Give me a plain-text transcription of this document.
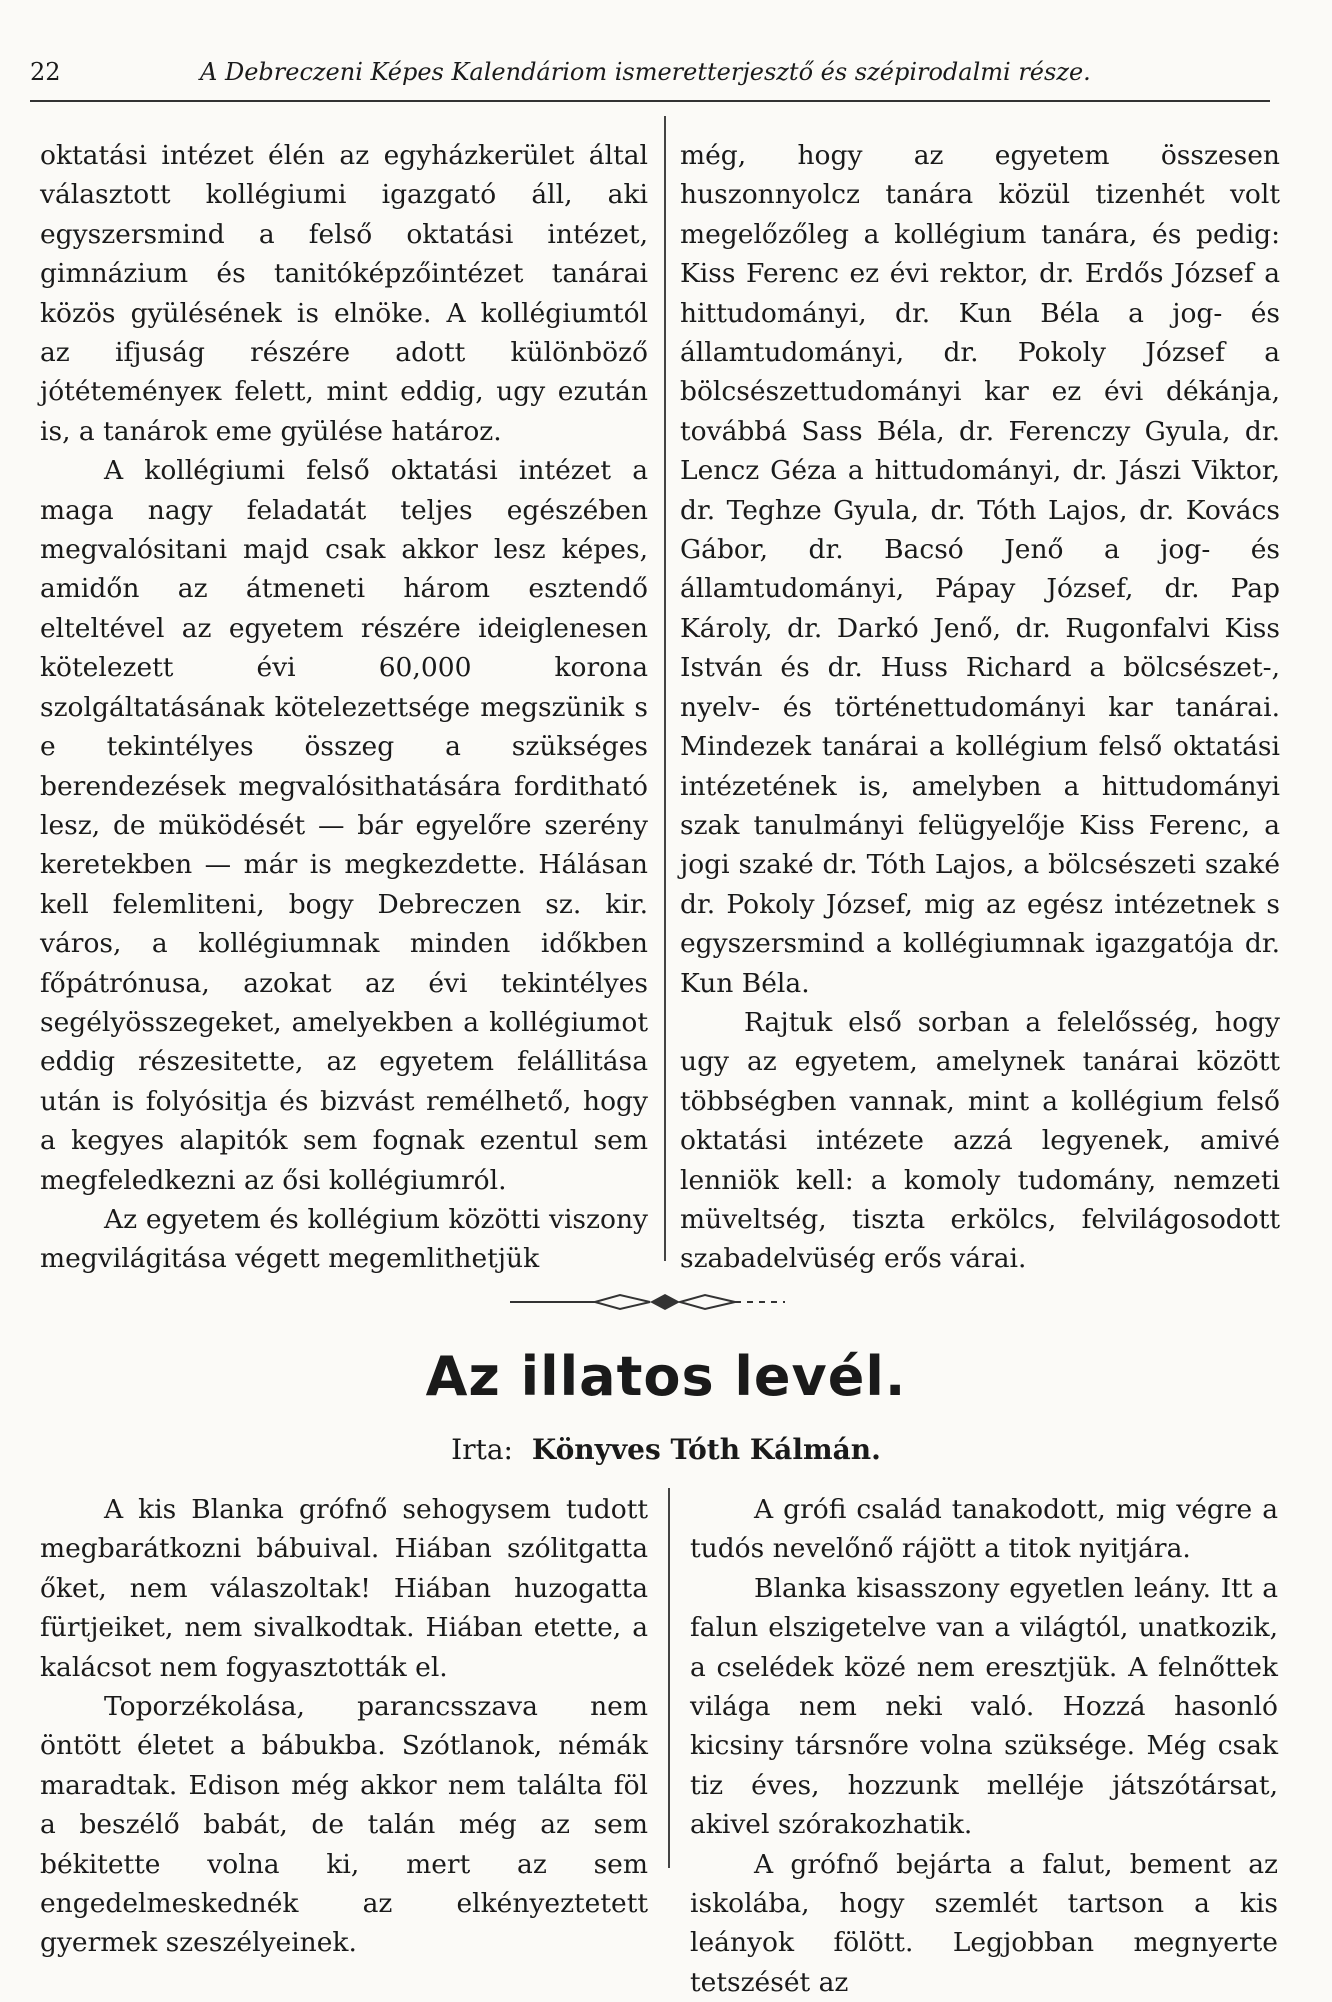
22	A Debreczeni Képes Kalendáriom ismeretterjesztő és szépirodalmi része.

oktatási intézet élén az egyházkerület által választott kollégiumi igazgató áll, aki egyszersmind a felső oktatási intézet, gimnázium és tanitóképzőintézet tanárai közös gyülésének is elnöke. A kollégiumtól az ifjuság részére adott különböző jótéteményeк felett, mint eddig, ugy ezután is, a tanárok eme gyülése határoz.

A kollégiumi felső oktatási intézet a maga nagy feladatát teljes egészében megvalósitani majd csak akkor lesz képes, amidőn az átmeneti három esztendő elteltével az egyetem részére ideiglenesen kötelezett évi 60,000 korona szolgáltatásának kötelezettsége megszünik s e tekintélyes összeg a szükséges berendezések megvalósithatására forditható lesz, de müködését — bár egyelőre szerény keretekben — már is megkezdette. Hálásan kell felemliteni, bogy Debreczen sz. kir. város, a kollégiumnak minden időkben főpátrónusa, azokat az évi tekintélyes segélyösszegeket, amelyekben a kollégiumot eddig részesitette, az egyetem felállitása után is folyósitja és bizvást remélhető, hogy a kegyes alapitók sem fognak ezentul sem megfeledkezni az ősi kollégiumról.

Az egyetem és kollégium közötti viszony megvilágitása végett megemlithetjük

még, hogy az egyetem összesen huszonnyolcz tanára közül tizenhét volt megelőzőleg a kollégium tanára, és pedig: Kiss Ferenc ez évi rektor, dr. Erdős József a hittudományi, dr. Kun Béla a jog- és államtudományi, dr. Pokoly József a bölcsészettudományi kar ez évi dékánja, továbbá Sass Béla, dr. Ferenczy Gyula, dr. Lencz Géza a hittudományi, dr. Jászi Viktor, dr. Teghze Gyula, dr. Tóth Lajos, dr. Kovács Gábor, dr. Bacsó Jenő a jog- és államtudományi, Pápay József, dr. Pap Károly, dr. Darkó Jenő, dr. Rugonfalvi Kiss István és dr. Huss Richard a bölcsészet-, nyelv- és történettudományi kar tanárai. Mindezek tanárai a kollégium felső oktatási intézetének is, amelyben a hittudományi szak tanulmányi felügyelője Kiss Ferenc, a jogi szaké dr. Tóth Lajos, a bölcsészeti szaké dr. Pokoly József, mig az egész intézetnek s egyszersmind a kollégiumnak igazgatója dr. Kun Béla.

Rajtuk első sorban a felelősség, hogy ugy az egyetem, amelynek tanárai között többségben vannak, mint a kollégium felső oktatási intézete azzá legyenek, amivé lenniök kell: a komoly tudomány, nemzeti müveltség, tiszta erkölcs, felvilágosodott szabadelvüség erős várai.

Az illatos levél.
Irta: Könyves Tóth Kálmán.

A kis Blanka grófnő sehogysem tudott megbarátkozni bábuival. Hiában szólitgatta őket, nem válaszoltak! Hiában huzogatta fürtjeiket, nem sivalkodtak. Hiában etette, a kalácsot nem fogyasztották el.

Toporzékolása, parancsszava nem öntött életet a bábukba. Szótlanok, némák maradtak. Edison még akkor nem találta föl a beszélő babát, de talán még az sem békitette volna ki, mert az sem engedelmeskednék az elkényeztetett gyermek szeszélyeinek.

A grófi család tanakodott, mig végre a tudós nevelőnő rájött a titok nyitjára.

Blanka kisasszony egyetlen leány. Itt a falun elszigetelve van a világtól, unatkozik, a cselédek közé nem eresztjük. A felnőttek világa nem neki való. Hozzá hasonló kicsiny társnőre volna szüksége. Még csak tiz éves, hozzunk melléje játszótársat, akivel szórakozhatik.

A grófnő bejárta a falut, bement az iskolába, hogy szemlét tartson a kis leányok fölött. Legjobban megnyerte tetszését az
